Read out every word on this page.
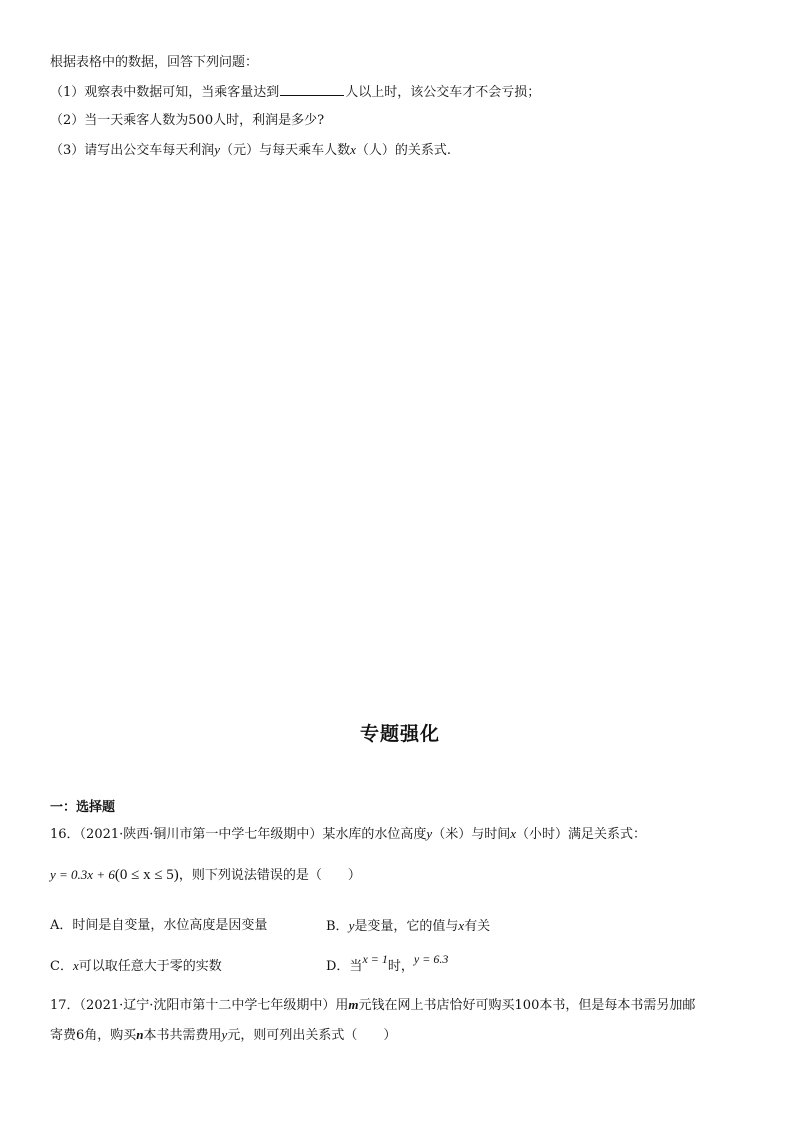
根据表格中的数据，回答下列问题：
（1）观察表中数据可知，当乘客量达到	人以上时，该公交车才不会亏损；
（2）当一天乘客人数为500人时，利润是多少?
（3）请写出公交车每天利润y（元）与每天乘车人数x（人）的关系式.
专题强化
一：选择题
16．（2021·陕西·铜川市第一中学七年级期中）某水库的水位高度y（米）与时间x（小时）满足关系式：
y = 0.3x + 6(0 ≤ x ≤ 5)，则下列说法错误的是（　　）
A．时间是自变量，水位高度是因变量	B．y是变量，它的值与x有关
C．x可以取任意大于零的实数	D．当x = 1时，y = 6.3
17．（2021·辽宁·沈阳市第十二中学七年级期中）用m元钱在网上书店恰好可购买100本书，但是每本书需另加邮
寄费6角，购买n本书共需费用y元，则可列出关系式（　　）
